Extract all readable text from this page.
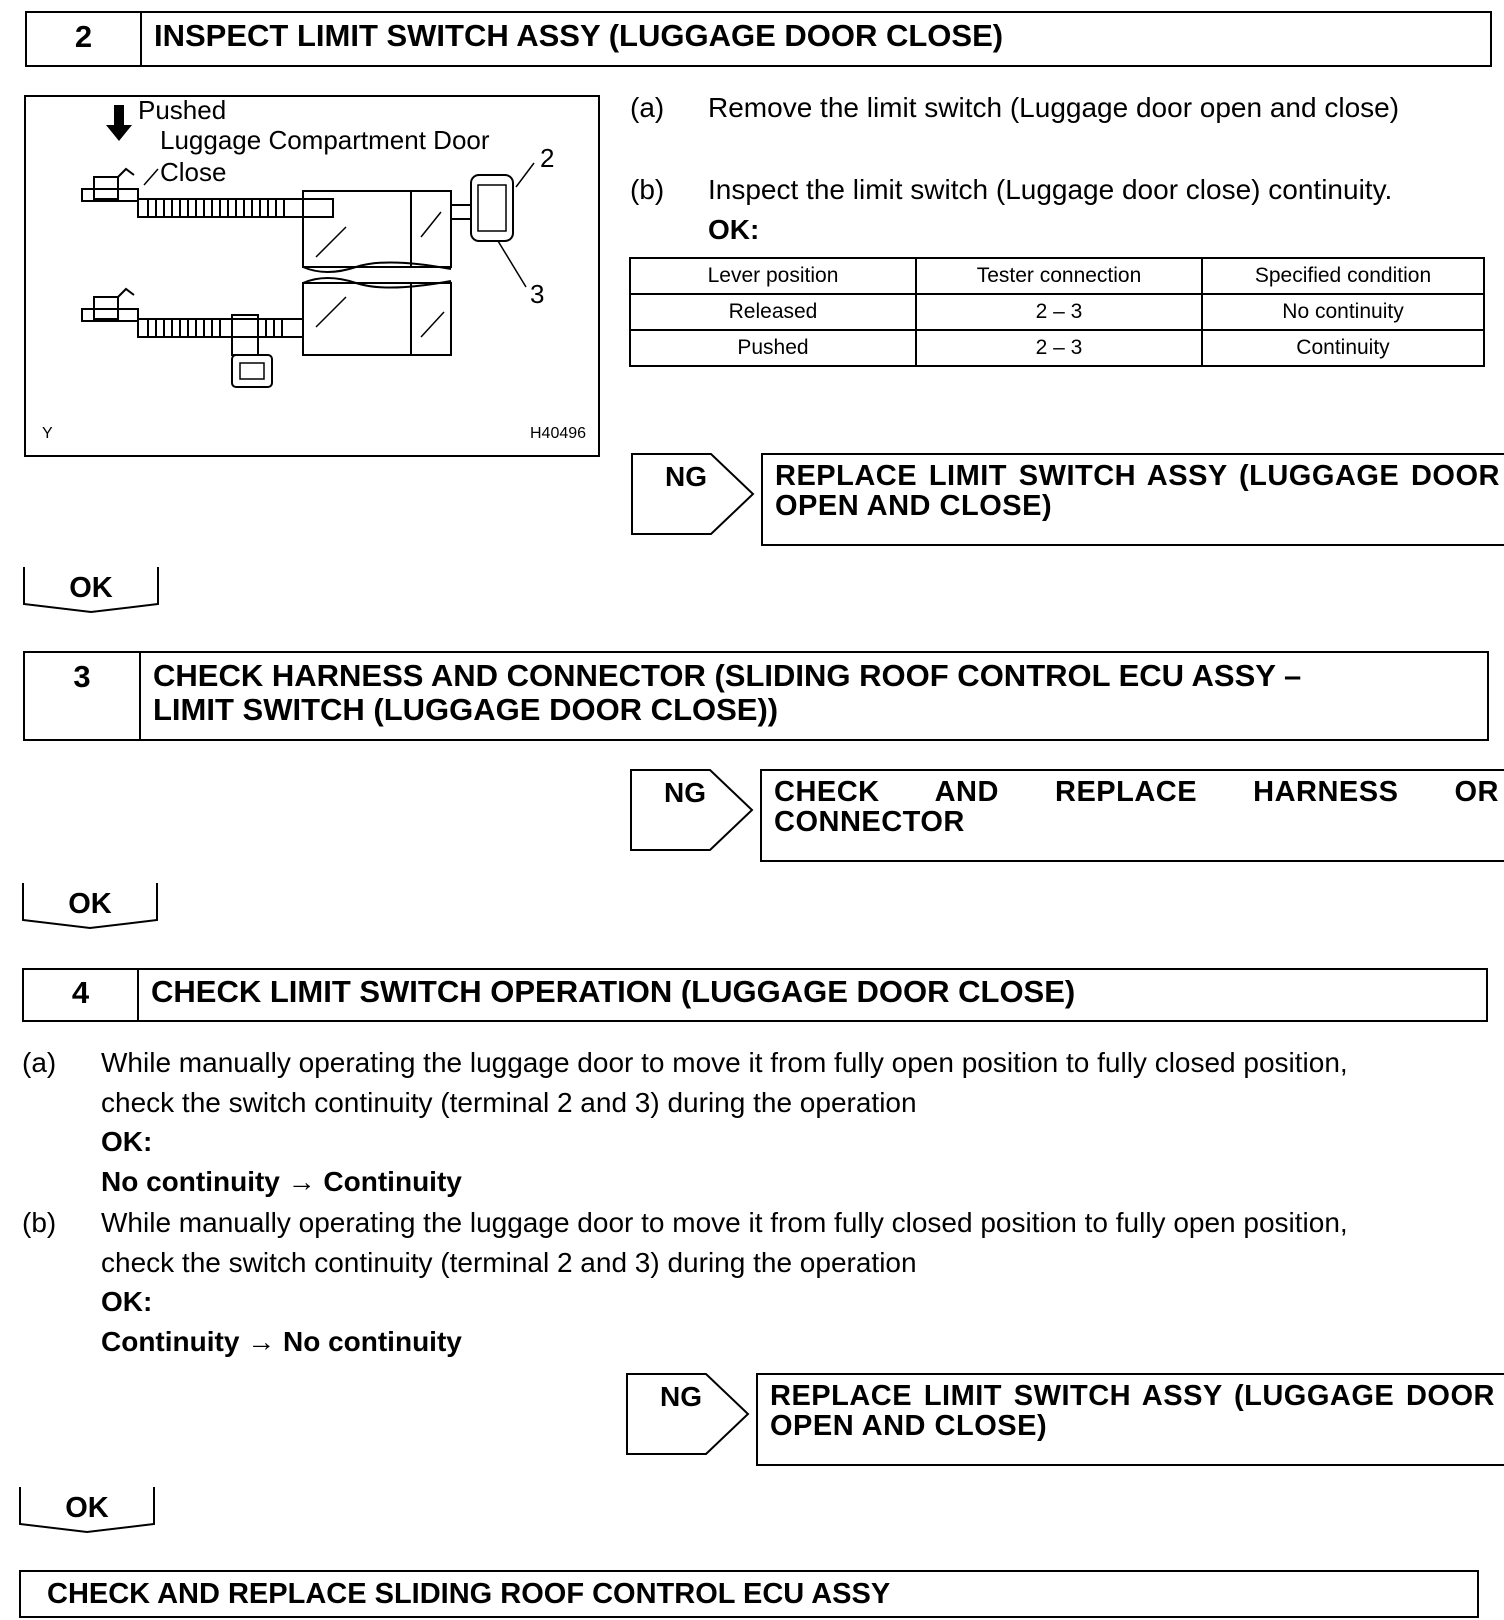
2	INSPECT LIMIT SWITCH ASSY (LUGGAGE DOOR CLOSE)
Pushed
Luggage Compartment Door
Close	2
3
Y	H40496
(a) Remove the limit switch (Luggage door open and close)
(b) Inspect the limit switch (Luggage door close) continuity.
OK:
Lever position	Tester connection	Specified condition
Released	2 – 3	No continuity
Pushed	2 – 3	Continuity
NG	REPLACE LIMIT SWITCH ASSY (LUGGAGE DOOR OPEN AND CLOSE)
OK
3	CHECK HARNESS AND CONNECTOR (SLIDING ROOF CONTROL ECU ASSY –
LIMIT SWITCH (LUGGAGE DOOR CLOSE))
NG	CHECK AND REPLACE HARNESS OR CONNECTOR
OK
4	CHECK LIMIT SWITCH OPERATION (LUGGAGE DOOR CLOSE)
(a) While manually operating the luggage door to move it from fully open position to fully closed position,
check the switch continuity (terminal 2 and 3) during the operation
OK:
No continuity → Continuity
(b) While manually operating the luggage door to move it from fully closed position to fully open position,
check the switch continuity (terminal 2 and 3) during the operation
OK:
Continuity → No continuity
NG	REPLACE LIMIT SWITCH ASSY (LUGGAGE DOOR OPEN AND CLOSE)
OK
CHECK AND REPLACE SLIDING ROOF CONTROL ECU ASSY
